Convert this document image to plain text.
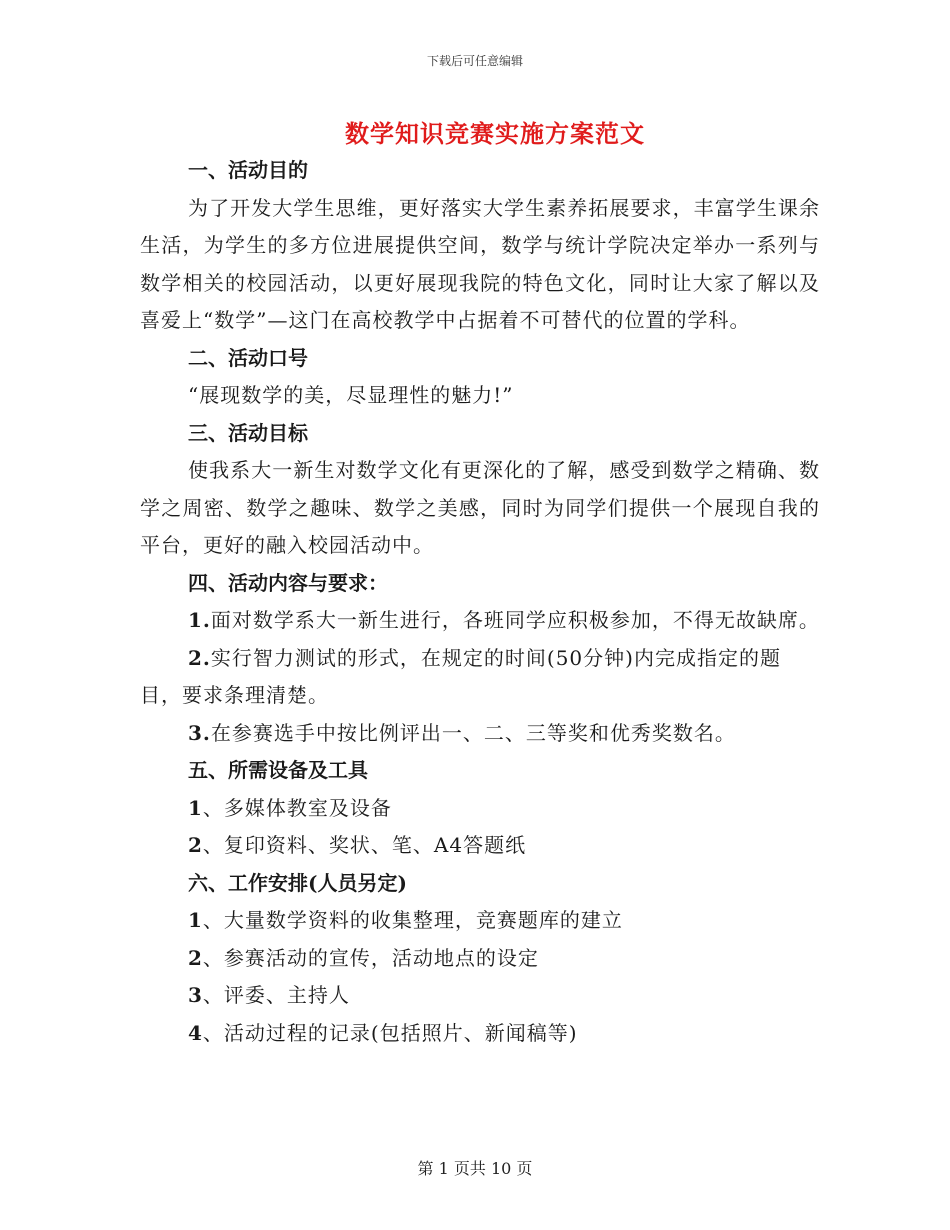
下载后可任意编辑
数学知识竞赛实施方案范文

一、活动目的

为了开发大学生思维，更好落实大学生素养拓展要求，丰富学生课余生活，为学生的多方位进展提供空间，数学与统计学院决定举办一系列与数学相关的校园活动，以更好展现我院的特色文化，同时让大家了解以及喜爱上“数学”—这门在高校教学中占据着不可替代的位置的学科。

二、活动口号

“展现数学的美，尽显理性的魅力!”

三、活动目标

使我系大一新生对数学文化有更深化的了解，感受到数学之精确、数学之周密、数学之趣味、数学之美感，同时为同学们提供一个展现自我的平台，更好的融入校园活动中。

四、活动内容与要求：

1.面对数学系大一新生进行，各班同学应积极参加，不得无故缺席。

2.实行智力测试的形式，在规定的时间(50分钟)内完成指定的题目，要求条理清楚。

3.在参赛选手中按比例评出一、二、三等奖和优秀奖数名。

五、所需设备及工具

1、多媒体教室及设备

2、复印资料、奖状、笔、A4答题纸

六、工作安排(人员另定)

1、大量数学资料的收集整理，竞赛题库的建立

2、参赛活动的宣传，活动地点的设定

3、评委、主持人

4、活动过程的记录(包括照片、新闻稿等)

第 1 页共 10 页
